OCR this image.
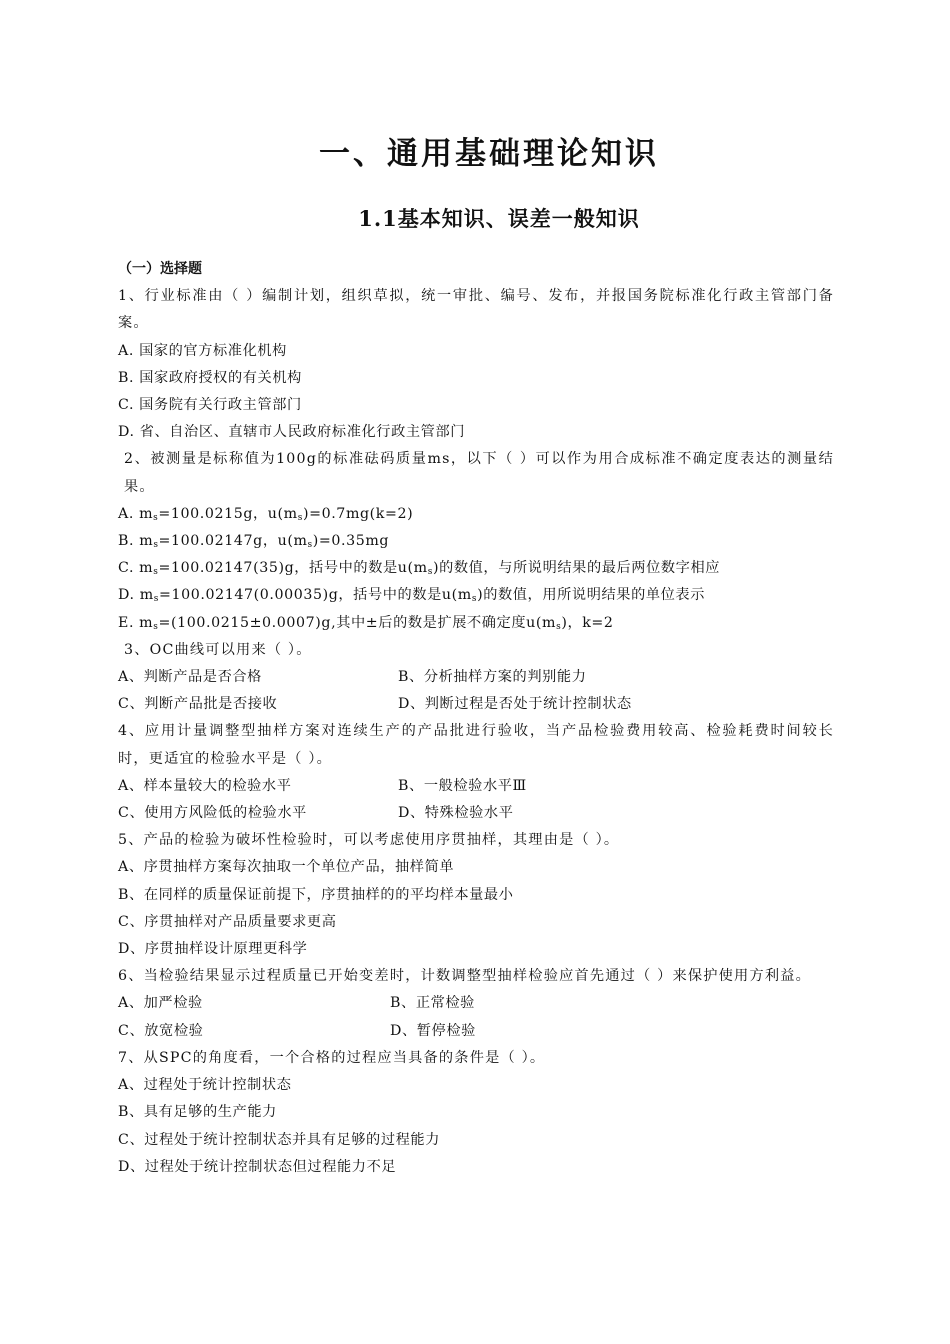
一、通用基础理论知识
1.1基本知识、误差一般知识
（一）选择题
1、行业标准由（ ）编制计划，组织草拟，统一审批、编号、发布，并报国务院标准化行政主管部门备案。
A. 国家的官方标准化机构
B. 国家政府授权的有关机构
C. 国务院有关行政主管部门
D. 省、自治区、直辖市人民政府标准化行政主管部门
2、被测量是标称值为100g的标准砝码质量ms，以下（ ）可以作为用合成标准不确定度表达的测量结果。
A. $m_s=100.0215g$，$u(m_s)=0.7mg(k=2)$
B. $m_s=100.02147g$，$u(m_s)=0.35mg$
C. $m_s=100.02147(35)g$，括号中的数是$u(m_s)$的数值，与所说明结果的最后两位数字相应
D. $m_s=100.02147(0.00035)g$，括号中的数是$u(m_s)$的数值，用所说明结果的单位表示
E. $m_s=(100.0215\pm 0.0007)g$,其中±后的数是扩展不确定度$u(m_s)$，k=2
3、OC曲线可以用来（ ）。
A、判断产品是否合格	B、分析抽样方案的判别能力
C、判断产品批是否接收	D、判断过程是否处于统计控制状态
4、应用计量调整型抽样方案对连续生产的产品批进行验收，当产品检验费用较高、检验耗费时间较长时，更适宜的检验水平是（ ）。
A、样本量较大的检验水平	B、一般检验水平Ⅲ
C、使用方风险低的检验水平	D、特殊检验水平
5、产品的检验为破坏性检验时，可以考虑使用序贯抽样，其理由是（ ）。
A、序贯抽样方案每次抽取一个单位产品，抽样简单
B、在同样的质量保证前提下，序贯抽样的的平均样本量最小
C、序贯抽样对产品质量要求更高
D、序贯抽样设计原理更科学
6、当检验结果显示过程质量已开始变差时，计数调整型抽样检验应首先通过（ ）来保护使用方利益。
A、加严检验	B、正常检验
C、放宽检验	D、暂停检验
7、从SPC的角度看，一个合格的过程应当具备的条件是（ ）。
A、过程处于统计控制状态
B、具有足够的生产能力
C、过程处于统计控制状态并具有足够的过程能力
D、过程处于统计控制状态但过程能力不足
